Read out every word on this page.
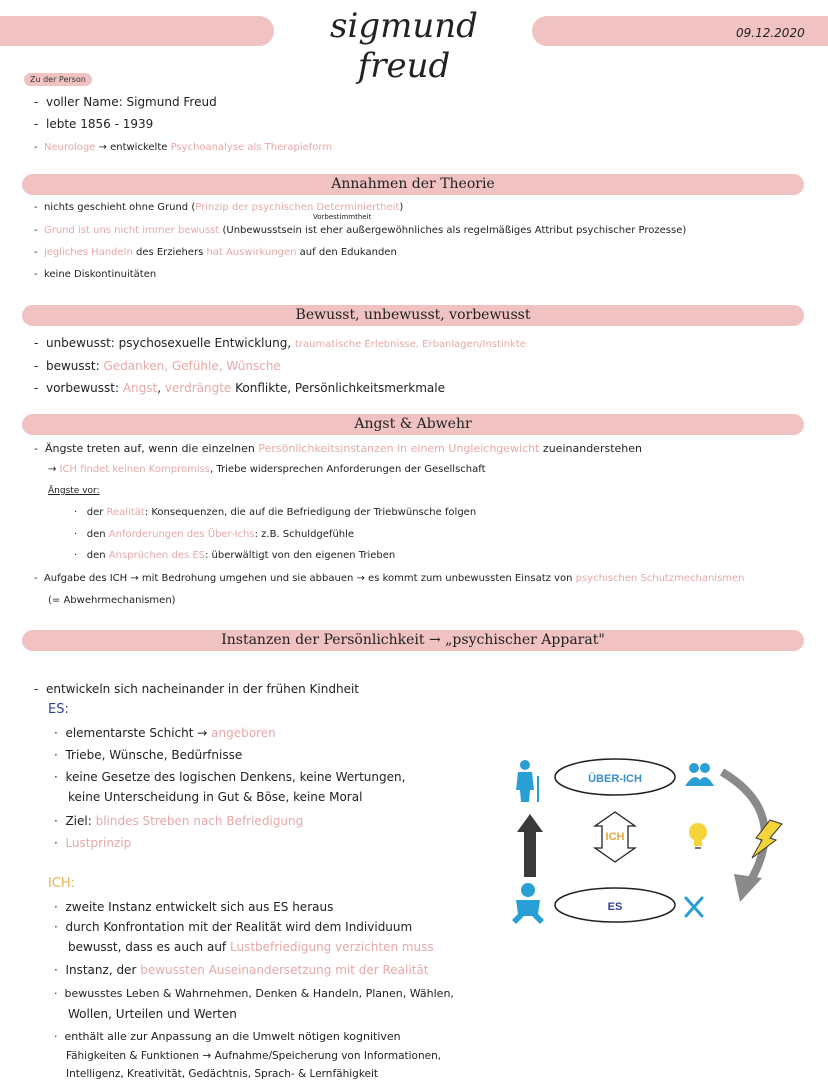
sigmund freud
09.12.2020
Zu der Person
- voller Name: Sigmund Freud
- lebte 1856 - 1939
- Neurologe → entwickelte Psychoanalyse als Therapieform
Annahmen der Theorie
-  nichts geschieht ohne Grund (Prinzip der psychischen Determiniertheit)
Vorbestimmtheit
-  Grund ist uns nicht immer bewusst (Unbewusstsein ist eher außergewöhnliches als regelmäßiges Attribut psychischer Prozesse)
-  jegliches Handeln des Erziehers hat Auswirkungen auf den Edukanden
-  keine Diskontinuitäten
Bewusst, unbewusst, vorbewusst
-  unbewusst: psychosexuelle Entwicklung, traumatische Erlebnisse, Erbanlagen/Instinkte
-  bewusst: Gedanken, Gefühle, Wünsche
-  vorbewusst: Angst, verdrängte Konflikte, Persönlichkeitsmerkmale
Angst & Abwehr
-  Ängste treten auf, wenn die einzelnen Persönlichkeitsinstanzen in einem Ungleichgewicht zueinanderstehen
→ ICH findet keinen Kompromiss, Triebe widersprechen Anforderungen der Gesellschaft
Ängste vor:
·   der Realität: Konsequenzen, die auf die Befriedigung der Triebwünsche folgen
·   den Anforderungen des Über-Ichs: z.B. Schuldgefühle
·   den Ansprüchen des ES: überwältigt von den eigenen Trieben
-  Aufgabe des ICH → mit Bedrohung umgehen und sie abbauen → es kommt zum unbewussten Einsatz von psychischen Schutzmechanismen
(= Abwehrmechanismen)
Instanzen der Persönlichkeit → „psychischer Apparat"
-  entwickeln sich nacheinander in der frühen Kindheit
ES:
·  elementarste Schicht → angeboren
·  Triebe, Wünsche, Bedürfnisse
·  keine Gesetze des logischen Denkens, keine Wertungen,
keine Unterscheidung in Gut & Böse, keine Moral
·  Ziel: blindes Streben nach Befriedigung
·  Lustprinzip
ICH:
·  zweite Instanz entwickelt sich aus ES heraus
·  durch Konfrontation mit der Realität wird dem Individuum
bewusst, dass es auch auf Lustbefriedigung verzichten muss
·  Instanz, der bewussten Auseinandersetzung mit der Realität
·  bewusstes Leben & Wahrnehmen, Denken & Handeln, Planen, Wählen,
Wollen, Urteilen und Werten
·  enthält alle zur Anpassung an die Umwelt nötigen kognitiven
Fähigkeiten & Funktionen → Aufnahme/Speicherung von Informationen,
Intelligenz, Kreativität, Gedächtnis, Sprach- & Lernfähigkeit
ÜBER-ICH
ICH
ES
